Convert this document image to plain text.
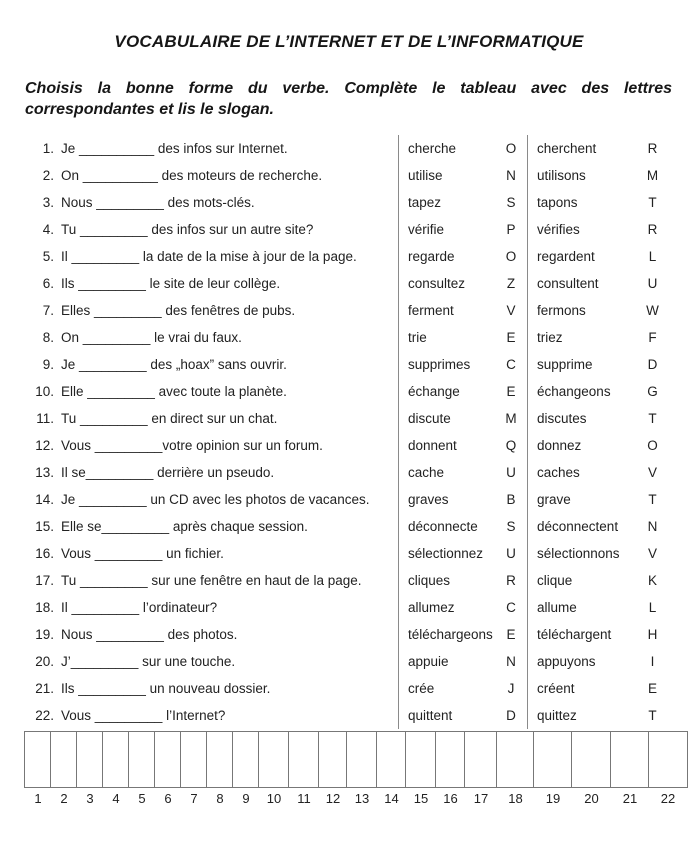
VOCABULAIRE DE L’INTERNET ET DE L’INFORMATIQUE

Choisis la bonne forme du verbe. Complète le tableau avec des lettres correspondantes et lis le slogan.

1. Je __________ des infos sur Internet.	cherche	O	cherchent	R
2. On __________ des moteurs de recherche.	utilise	N	utilisons	M
3. Nous _________ des mots-clés.	tapez	S	tapons	T
4. Tu _________ des infos sur un autre site?	vérifie	P	vérifies	R
5. Il _________ la date de la mise à jour de la page.	regarde	O	regardent	L
6. Ils _________ le site de leur collège.	consultez	Z	consultent	U
7. Elles _________ des fenêtres de pubs.	ferment	V	fermons	W
8. On _________ le vrai du faux.	trie	E	triez	F
9. Je _________ des „hoax” sans ouvrir.	supprimes	C	supprime	D
10. Elle _________ avec toute la planète.	échange	E	échangeons	G
11. Tu _________ en direct sur un chat.	discute	M	discutes	T
12. Vous _________votre opinion sur un forum.	donnent	Q	donnez	O
13. Il se_________ derrière un pseudo.	cache	U	caches	V
14. Je _________ un CD avec les photos de vacances.	graves	B	grave	T
15. Elle se_________ après chaque session.	déconnecte	S	déconnectent	N
16. Vous _________ un fichier.	sélectionnez	U	sélectionnons	V
17. Tu _________ sur une fenêtre en haut de la page.	cliques	R	clique	K
18. Il _________ l’ordinateur?	allumez	C	allume	L
19. Nous _________ des photos.	téléchargeons	E	téléchargent	H
20. J’_________ sur une touche.	appuie	N	appuyons	I
21. Ils _________ un nouveau dossier.	crée	J	créent	E
22. Vous _________ l’Internet?	quittent	D	quittez	T
1	2	3	4	5	6	7	8	9	10	11	12	13	14	15	16	17	18	19	20	21	22
